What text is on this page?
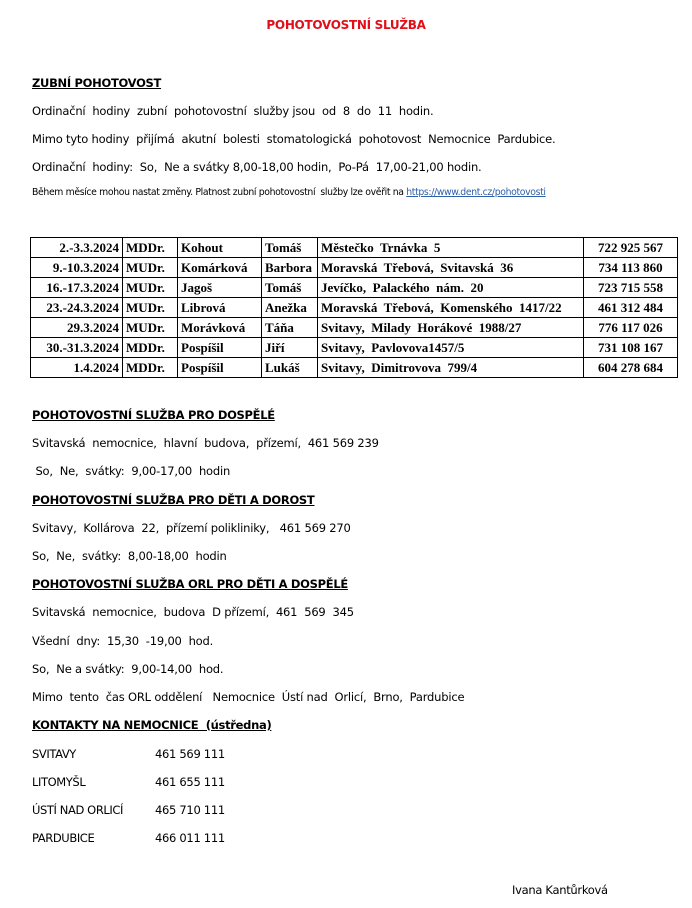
POHOTOVOSTNÍ SLUŽBA
ZUBNÍ POHOTOVOST
Ordinační  hodiny  zubní  pohotovostní  služby jsou  od  8  do  11  hodin.
Mimo tyto hodiny  přijímá  akutní  bolesti  stomatologická  pohotovost  Nemocnice  Pardubice.
Ordinační  hodiny:  So,  Ne a svátky 8,00-18,00 hodin,  Po-Pá  17,00-21,00 hodin.
Během měsíce mohou nastat změny. Platnost zubní pohotovostní  služby lze ověřit na https://www.dent.cz/pohotovosti
2.-3.3.2024	MDDr.	Kohout	Tomáš	Městečko  Trnávka  5	722 925 567
9.-10.3.2024	MUDr.	Komárková	Barbora	Moravská  Třebová,  Svitavská  36	734 113 860
16.-17.3.2024	MUDr.	Jagoš	Tomáš	Jevíčko,  Palackého  nám.  20	723 715 558
23.-24.3.2024	MUDr.	Librová	Anežka	Moravská  Třebová,  Komenského  1417/22	461 312 484
29.3.2024	MUDr.	Morávková	Táňa	Svitavy,  Milady  Horákové  1988/27	776 117 026
30.-31.3.2024	MDDr.	Pospíšil	Jiří	Svitavy,  Pavlovova1457/5	731 108 167
1.4.2024	MDDr.	Pospíšil	Lukáš	Svitavy,  Dimitrovova  799/4	604 278 684
POHOTOVOSTNÍ SLUŽBA PRO DOSPĚLÉ
Svitavská  nemocnice,  hlavní  budova,  přízemí,  461 569 239
So,  Ne,  svátky:  9,00-17,00  hodin
POHOTOVOSTNÍ SLUŽBA PRO DĚTI A DOROST
Svitavy,  Kollárova  22,  přízemí polikliniky,   461 569 270
So,  Ne,  svátky:  8,00-18,00  hodin
POHOTOVOSTNÍ SLUŽBA ORL PRO DĚTI A DOSPĚLÉ
Svitavská  nemocnice,  budova  D přízemí,  461  569  345
Všední  dny:  15,30  -19,00  hod.
So,  Ne a svátky:  9,00-14,00  hod.
Mimo  tento  čas ORL oddělení   Nemocnice  Ústí nad  Orlicí,  Brno,  Pardubice
KONTAKTY NA NEMOCNICE  (ústředna)
SVITAVY	461 569 111
LITOMYŠL	461 655 111
ÚSTÍ NAD ORLICÍ	465 710 111
PARDUBICE	466 011 111
Ivana Kantůrková
